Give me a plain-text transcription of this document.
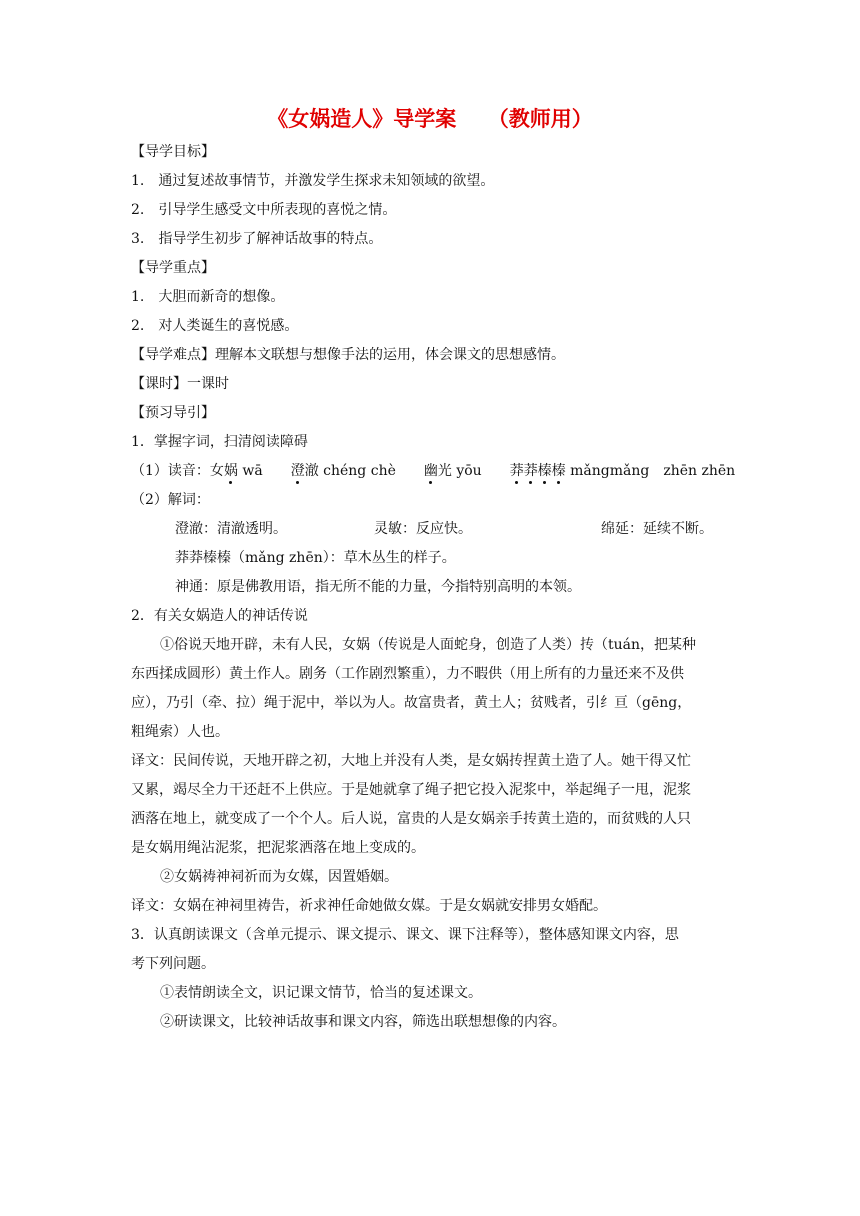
《女娲造人》导学案　　（教师用）
【导学目标】
1.　通过复述故事情节，并激发学生探求未知领域的欲望。
2.　引导学生感受文中所表现的喜悦之情。
3.　指导学生初步了解神话故事的特点。
【导学重点】
1.　大胆而新奇的想像。
2.　对人类诞生的喜悦感。
【导学难点】理解本文联想与想像手法的运用，体会课文的思想感情。
【课时】一课时
【预习导引】
1．掌握字词，扫清阅读障碍
（1）读音：女娲 wā　　澄澈 chéng chè　　幽光 yōu　　莽莽榛榛 mǎngmǎng　zhēn zhēn
（2）解词：
澄澈：清澈透明。	灵敏：反应快。	绵延：延续不断。
莽莽榛榛（mǎng zhēn）：草木丛生的样子。
神通：原是佛教用语，指无所不能的力量，今指特别高明的本领。
2．有关女娲造人的神话传说
①俗说天地开辟，未有人民，女娲（传说是人面蛇身，创造了人类）抟（tuán，把某种
东西揉成圆形）黄土作人。剧务（工作剧烈繁重），力不暇供（用上所有的力量还来不及供
应），乃引（牵、拉）绳于泥中，举以为人。故富贵者，黄土人；贫贱者，引纟亘（gēng，
粗绳索）人也。
译文：民间传说，天地开辟之初，大地上并没有人类，是女娲抟捏黄土造了人。她干得又忙
又累，竭尽全力干还赶不上供应。于是她就拿了绳子把它投入泥浆中，举起绳子一甩，泥浆
洒落在地上，就变成了一个个人。后人说，富贵的人是女娲亲手抟黄土造的，而贫贱的人只
是女娲用绳沾泥浆，把泥浆洒落在地上变成的。
②女娲祷神祠祈而为女媒，因置婚姻。
译文：女娲在神祠里祷告，祈求神任命她做女媒。于是女娲就安排男女婚配。
3．认真朗读课文（含单元提示、课文提示、课文、课下注释等），整体感知课文内容，思
考下列问题。
①表情朗读全文，识记课文情节，恰当的复述课文。
②研读课文，比较神话故事和课文内容，筛选出联想想像的内容。
